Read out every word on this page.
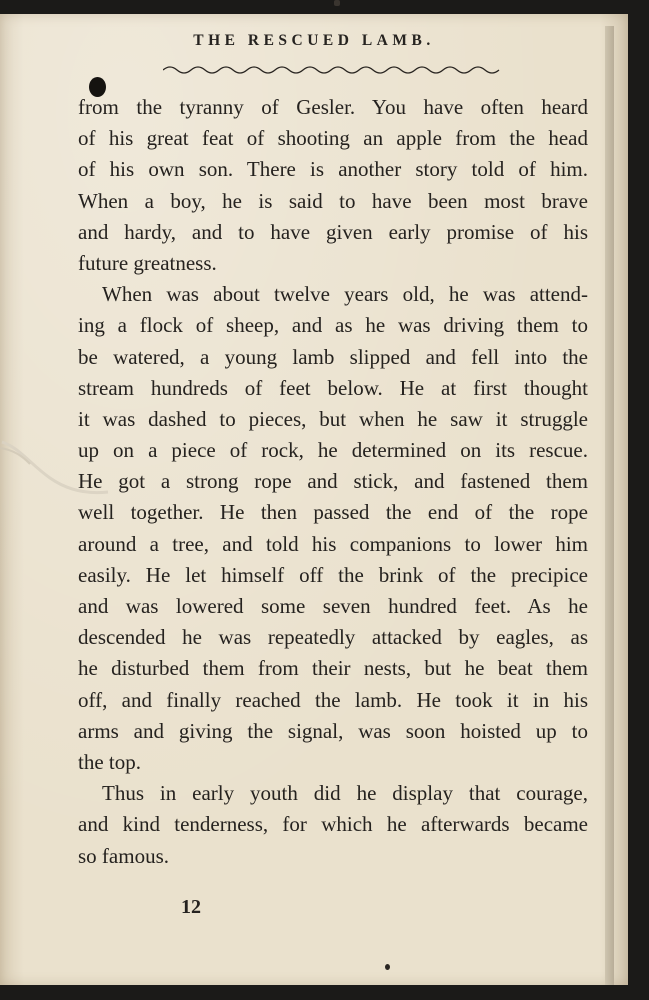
THE RESCUED LAMB.
from the tyranny of Gesler. You have often heard
of his great feat of shooting an apple from the head
of his own son. There is another story told of him.
When a boy, he is said to have been most brave
and hardy, and to have given early promise of his
future greatness.
When was about twelve years old, he was attend-
ing a flock of sheep, and as he was driving them to
be watered, a young lamb slipped and fell into the
stream hundreds of feet below. He at first thought
it was dashed to pieces, but when he saw it struggle
up on a piece of rock, he determined on its rescue.
He got a strong rope and stick, and fastened them
well together. He then passed the end of the rope
around a tree, and told his companions to lower him
easily. He let himself off the brink of the precipice
and was lowered some seven hundred feet. As he
descended he was repeatedly attacked by eagles, as
he disturbed them from their nests, but he beat them
off, and finally reached the lamb. He took it in his
arms and giving the signal, was soon hoisted up to
the top.
Thus in early youth did he display that courage,
and kind tenderness, for which he afterwards became
so famous.

12
